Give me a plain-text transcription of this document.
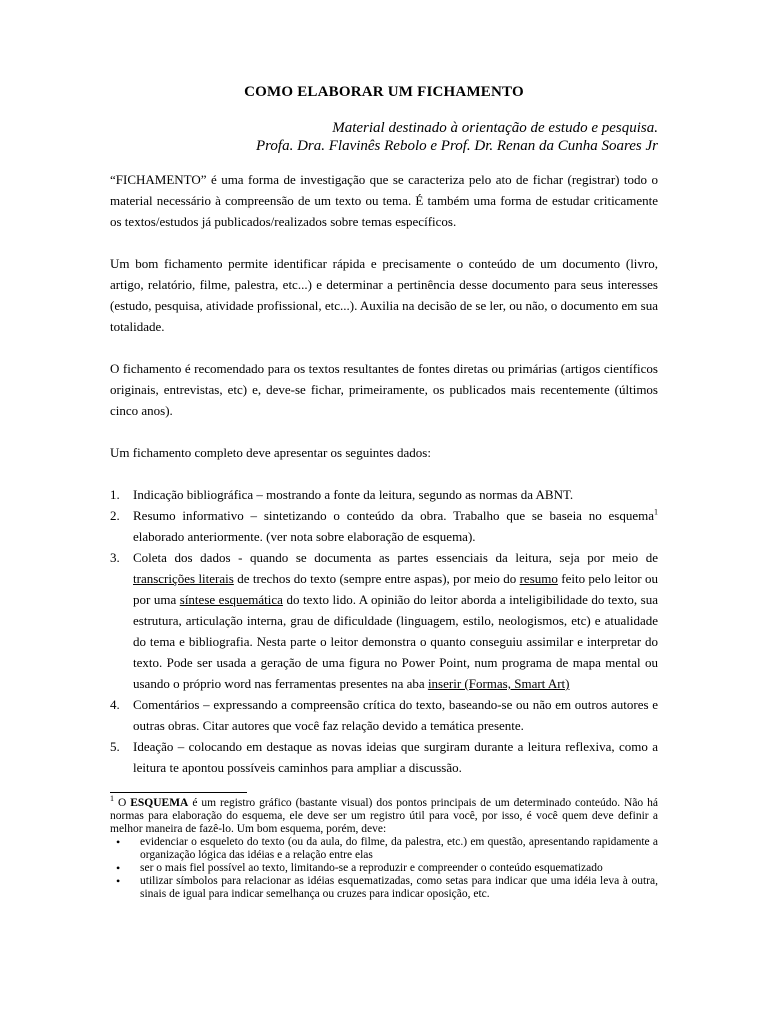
COMO ELABORAR UM FICHAMENTO
Material destinado à orientação de estudo e pesquisa.
Profa. Dra. Flavinês Rebolo e Prof. Dr. Renan da Cunha Soares Jr

“FICHAMENTO” é uma forma de investigação que se caracteriza pelo ato de fichar (registrar) todo o material necessário à compreensão de um texto ou tema. É também uma forma de estudar criticamente os textos/estudos já publicados/realizados sobre temas específicos.

Um bom fichamento permite identificar rápida e precisamente o conteúdo de um documento (livro, artigo, relatório, filme, palestra, etc...) e determinar a pertinência desse documento para seus interesses (estudo, pesquisa, atividade profissional, etc...). Auxilia na decisão de se ler, ou não, o documento em sua totalidade.

O fichamento é recomendado para os textos resultantes de fontes diretas ou primárias (artigos científicos originais, entrevistas, etc) e, deve-se fichar, primeiramente, os publicados mais recentemente (últimos cinco anos).

Um fichamento completo deve apresentar os seguintes dados:

1. Indicação bibliográfica – mostrando a fonte da leitura, segundo as normas da ABNT.
2. Resumo informativo – sintetizando o conteúdo da obra. Trabalho que se baseia no esquema$^1$ elaborado anteriormente. (ver nota sobre elaboração de esquema).
3. Coleta dos dados - quando se documenta as partes essenciais da leitura, seja por meio de transcrições literais de trechos do texto (sempre entre aspas), por meio do resumo feito pelo leitor ou por uma síntese esquemática do texto lido. A opinião do leitor aborda a inteligibilidade do texto, sua estrutura, articulação interna, grau de dificuldade (linguagem, estilo, neologismos, etc) e atualidade do tema e bibliografia. Nesta parte o leitor demonstra o quanto conseguiu assimilar e interpretar do texto. Pode ser usada a geração de uma figura no Power Point, num programa de mapa mental ou usando o próprio word nas ferramentas presentes na aba inserir (Formas, Smart Art)
4. Comentários – expressando a compreensão crítica do texto, baseando-se ou não em outros autores e outras obras. Citar autores que você faz relação devido a temática presente.
5. Ideação – colocando em destaque as novas ideias que surgiram durante a leitura reflexiva, como a leitura te apontou possíveis caminhos para ampliar a discussão.

$^1$ O ESQUEMA é um registro gráfico (bastante visual) dos pontos principais de um determinado conteúdo. Não há normas para elaboração do esquema, ele deve ser um registro útil para você, por isso, é você quem deve definir a melhor maneira de fazê-lo. Um bom esquema, porém, deve:

• evidenciar o esqueleto do texto (ou da aula, do filme, da palestra, etc.) em questão, apresentando rapidamente a organização lógica das idéias e a relação entre elas
• ser o mais fiel possível ao texto, limitando-se a reproduzir e compreender o conteúdo esquematizado
• utilizar símbolos para relacionar as idéias esquematizadas, como setas para indicar que uma idéia leva à outra, sinais de igual para indicar semelhança ou cruzes para indicar oposição, etc.
